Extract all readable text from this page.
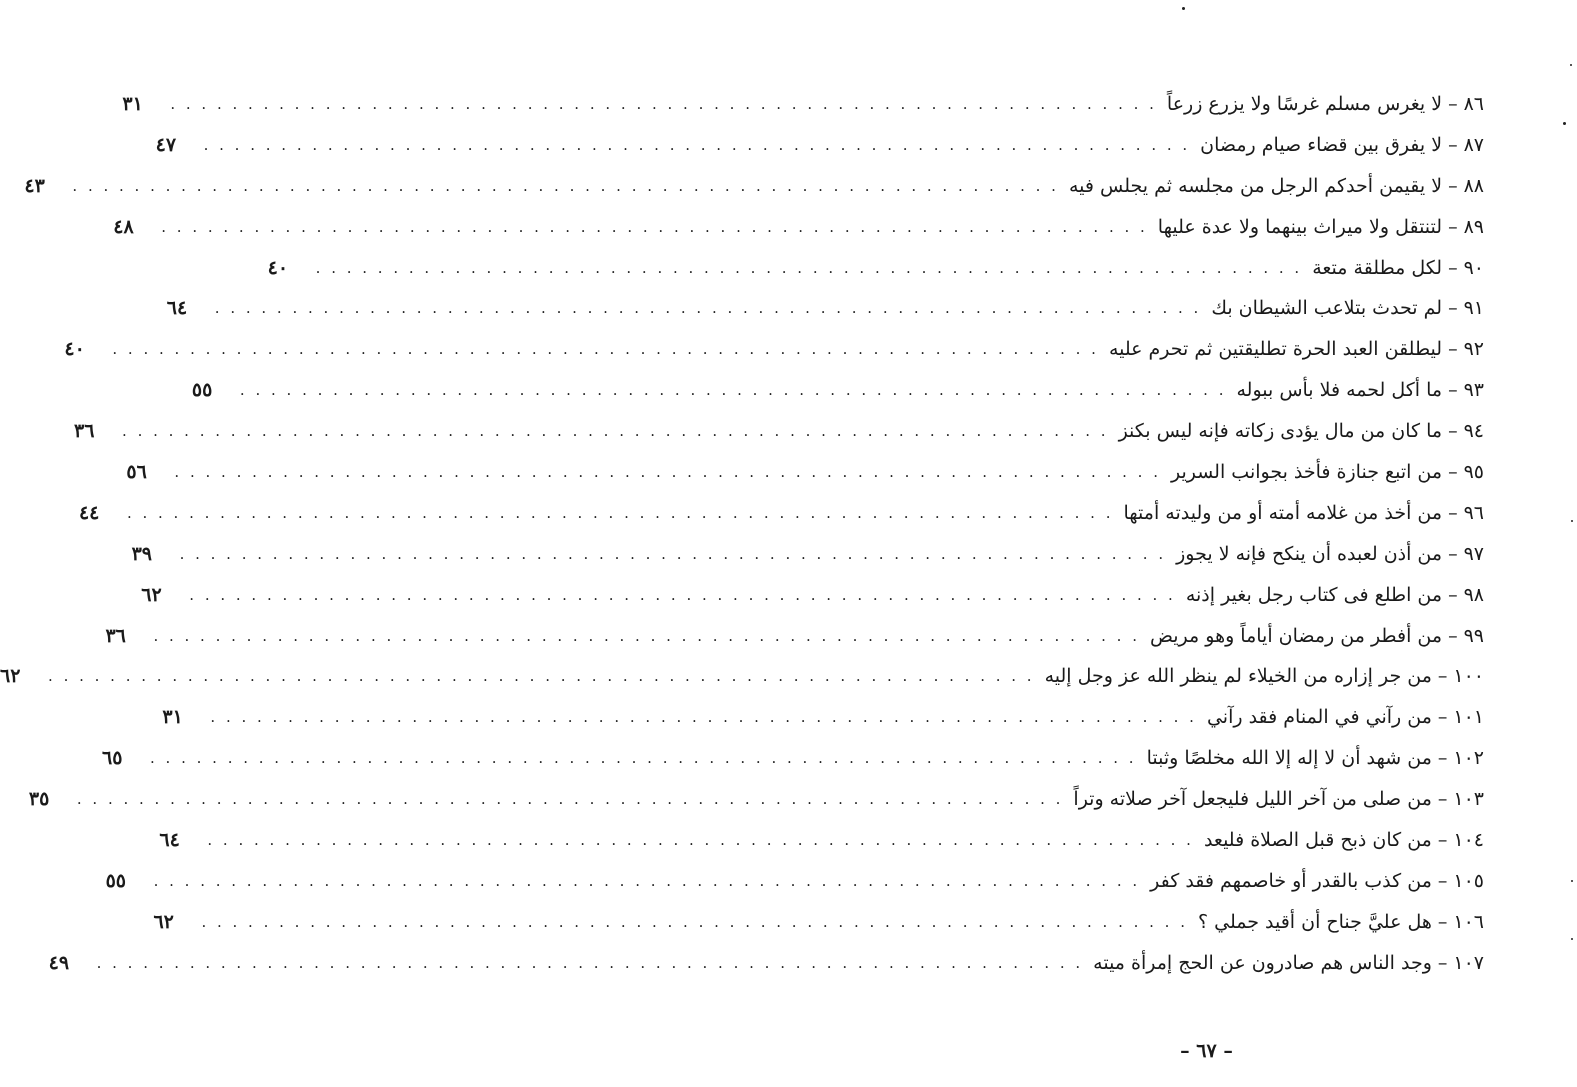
٨٦–لا يغرس مسلم غرسًا ولا يزرع زرعاً
. . . . . . . . . . . . . . . . . . . . . . . . . . . . . . . . . . . . . . . . . . . . . . . . . . . . . . . . . . . . . . . .
٣١
٨٧–لا يفرق بين قضاء صيام رمضان
. . . . . . . . . . . . . . . . . . . . . . . . . . . . . . . . . . . . . . . . . . . . . . . . . . . . . . . . . . . . . . . .
٤٧
٨٨–لا يقيمن أحدكم الرجل من مجلسه ثم يجلس فيه
. . . . . . . . . . . . . . . . . . . . . . . . . . . . . . . . . . . . . . . . . . . . . . . . . . . . . . . . . . . . . . . .
٤٣
٨٩–لتنتقل ولا ميراث بينهما ولا عدة عليها
. . . . . . . . . . . . . . . . . . . . . . . . . . . . . . . . . . . . . . . . . . . . . . . . . . . . . . . . . . . . . . . .
٤٨
٩٠–لكل مطلقة متعة
. . . . . . . . . . . . . . . . . . . . . . . . . . . . . . . . . . . . . . . . . . . . . . . . . . . . . . . . . . . . . . . .
٤٠
٩١–لم تحدث بتلاعب الشيطان بك
. . . . . . . . . . . . . . . . . . . . . . . . . . . . . . . . . . . . . . . . . . . . . . . . . . . . . . . . . . . . . . . .
٦٤
٩٢–ليطلقن العبد الحرة تطليقتين ثم تحرم عليه
. . . . . . . . . . . . . . . . . . . . . . . . . . . . . . . . . . . . . . . . . . . . . . . . . . . . . . . . . . . . . . . .
٤٠
٩٣–ما أكل لحمه فلا بأس ببوله
. . . . . . . . . . . . . . . . . . . . . . . . . . . . . . . . . . . . . . . . . . . . . . . . . . . . . . . . . . . . . . . .
٥٥
٩٤–ما كان من مال يؤدى زكاته فإنه ليس بكنز
. . . . . . . . . . . . . . . . . . . . . . . . . . . . . . . . . . . . . . . . . . . . . . . . . . . . . . . . . . . . . . . .
٣٦
٩٥–من اتبع جنازة فأخذ بجوانب السرير
. . . . . . . . . . . . . . . . . . . . . . . . . . . . . . . . . . . . . . . . . . . . . . . . . . . . . . . . . . . . . . . .
٥٦
٩٦–من أخذ من غلامه أمته أو من وليدته أمتها
. . . . . . . . . . . . . . . . . . . . . . . . . . . . . . . . . . . . . . . . . . . . . . . . . . . . . . . . . . . . . . . .
٤٤
٩٧–من أذن لعبده أن ينكح فإنه لا يجوز
. . . . . . . . . . . . . . . . . . . . . . . . . . . . . . . . . . . . . . . . . . . . . . . . . . . . . . . . . . . . . . . .
٣٩
٩٨–من اطلع فى كتاب رجل بغير إذنه
. . . . . . . . . . . . . . . . . . . . . . . . . . . . . . . . . . . . . . . . . . . . . . . . . . . . . . . . . . . . . . . .
٦٢
٩٩–من أفطر من رمضان أياماً وهو مريض
. . . . . . . . . . . . . . . . . . . . . . . . . . . . . . . . . . . . . . . . . . . . . . . . . . . . . . . . . . . . . . . .
٣٦
١٠٠–من جر إزاره من الخيلاء لم ينظر الله عز وجل إليه
. . . . . . . . . . . . . . . . . . . . . . . . . . . . . . . . . . . . . . . . . . . . . . . . . . . . . . . . . . . . . . . .
٦٢
١٠١–من رآني في المنام فقد رآني
. . . . . . . . . . . . . . . . . . . . . . . . . . . . . . . . . . . . . . . . . . . . . . . . . . . . . . . . . . . . . . . .
٣١
١٠٢–من شهد أن لا إله إلا الله مخلصًا وثبتا
. . . . . . . . . . . . . . . . . . . . . . . . . . . . . . . . . . . . . . . . . . . . . . . . . . . . . . . . . . . . . . . .
٦٥
١٠٣–من صلى من آخر الليل فليجعل آخر صلاته وتراً
. . . . . . . . . . . . . . . . . . . . . . . . . . . . . . . . . . . . . . . . . . . . . . . . . . . . . . . . . . . . . . . .
٣٥
١٠٤–من كان ذبح قبل الصلاة فليعد
. . . . . . . . . . . . . . . . . . . . . . . . . . . . . . . . . . . . . . . . . . . . . . . . . . . . . . . . . . . . . . . .
٦٤
١٠٥–من كذب بالقدر أو خاصمهم فقد كفر
. . . . . . . . . . . . . . . . . . . . . . . . . . . . . . . . . . . . . . . . . . . . . . . . . . . . . . . . . . . . . . . .
٥٥
١٠٦–هل عليَّ جناح أن أقيد جملي ؟
. . . . . . . . . . . . . . . . . . . . . . . . . . . . . . . . . . . . . . . . . . . . . . . . . . . . . . . . . . . . . . . .
٦٢
١٠٧–وجد الناس هم صادرون عن الحج إمرأة ميته
. . . . . . . . . . . . . . . . . . . . . . . . . . . . . . . . . . . . . . . . . . . . . . . . . . . . . . . . . . . . . . . .
٤٩
– ٦٧ –
